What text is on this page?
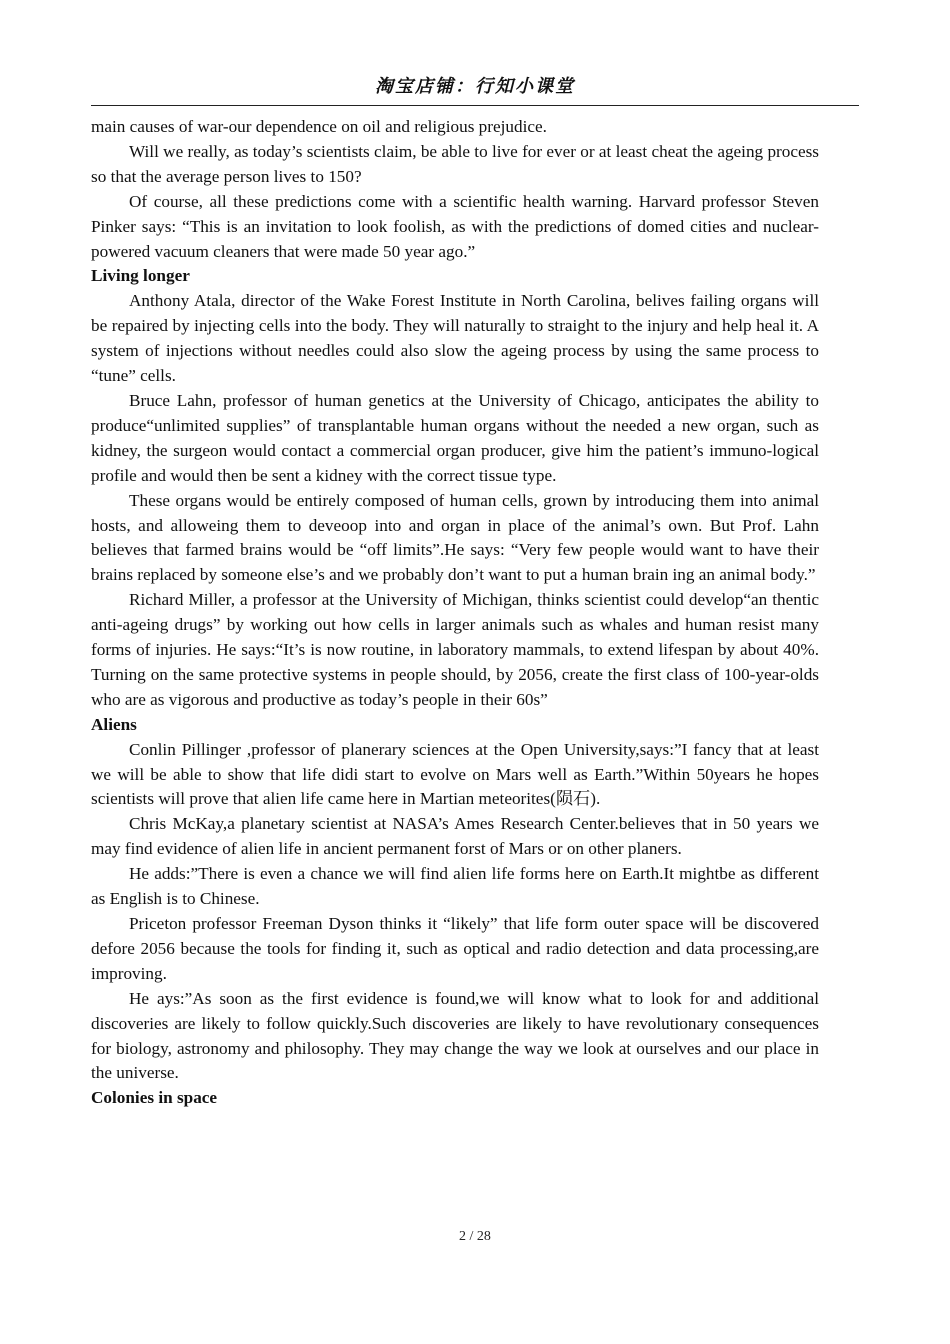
淘宝店铺：行知小课堂

main causes of war-our dependence on oil and religious prejudice.

Will we really, as today’s scientists claim, be able to live for ever or at least cheat the ageing process so that the average person lives to 150?

Of course, all these predictions come with a scientific health warning. Harvard professor Steven Pinker says: “This is an invitation to look foolish, as with the predictions of domed cities and nuclear-powered vacuum cleaners that were made 50 year ago.”

Living longer

Anthony Atala, director of the Wake Forest Institute in North Carolina, belives failing organs will be repaired by injecting cells into the body. They will naturally to straight to the injury and help heal it. A system of injections without needles could also slow the ageing process by using the same process to “tune” cells.

Bruce Lahn, professor of human genetics at the University of Chicago, anticipates the ability to produce“unlimited supplies” of transplantable human organs without the needed a new organ, such as kidney, the surgeon would contact a commercial organ producer, give him the patient’s immuno-logical profile and would then be sent a kidney with the correct tissue type.

These organs would be entirely composed of human cells, grown by introducing them into animal hosts, and alloweing them to deveoop into and organ in place of the animal’s own. But Prof. Lahn believes that farmed brains would be “off limits”.He says: “Very few people would want to have their brains replaced by someone else’s and we probably don’t want to put a human brain ing an animal body.”

Richard Miller, a professor at the University of Michigan, thinks scientist could develop“an thentic anti-ageing drugs” by working out how cells in larger animals such as whales and human resist many forms of injuries. He says:“It’s is now routine, in laboratory mammals, to extend lifespan by about 40%. Turning on the same protective systems in people should, by 2056, create the first class of 100-year-olds who are as vigorous and productive as today’s people in their 60s”

Aliens

Conlin Pillinger ,professor of planerary sciences at the Open University,says:”I fancy that at least we will be able to show that life didi start to evolve on Mars well as Earth.”Within 50years he hopes scientists will prove that alien life came here in Martian meteorites(陨石).

Chris McKay,a planetary scientist at NASA’s Ames Research Center.believes that in 50 years we may find evidence of alien life in ancient permanent forst of Mars or on other planers.

He adds:”There is even a chance we will find alien life forms here on Earth.It mightbe as different as English is to Chinese.

Priceton professor Freeman Dyson thinks it “likely” that life form outer space will be discovered defore 2056 because the tools for finding it, such as optical and radio detection and data processing,are improving.

He ays:”As soon as the first evidence is found,we will know what to look for and additional discoveries are likely to follow quickly.Such discoveries are likely to have revolutionary consequences for biology, astronomy and philosophy. They may change the way we look at ourselves and our place in the universe.

Colonies in space

2 / 28
